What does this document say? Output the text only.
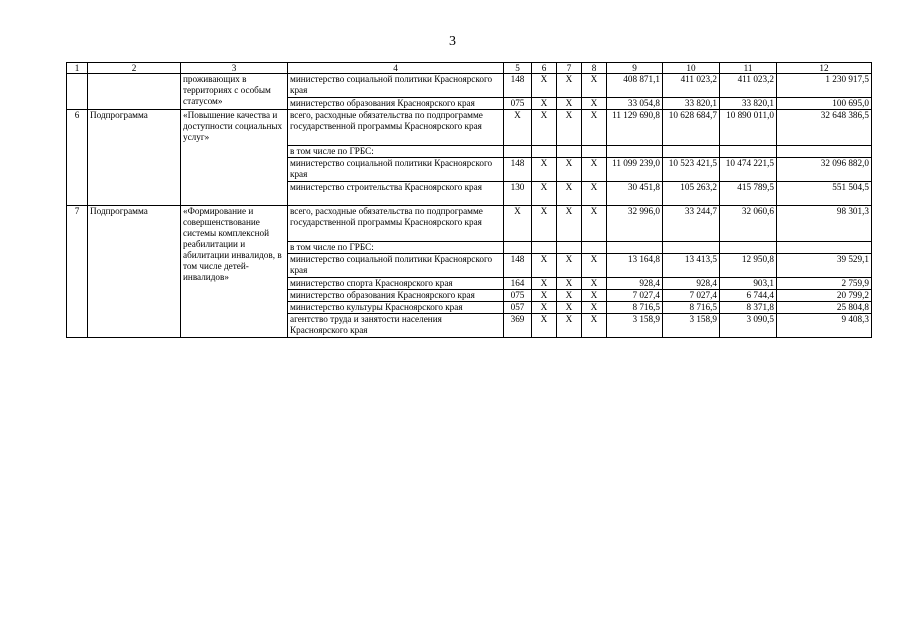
3
1	2	3	4	5	6	7	8	9	10	11	12
		проживающих в территориях с особым статусом»	министерство социальной политики Красноярского края	148	Х	Х	Х	408 871,1	411 023,2	411 023,2	1 230 917,5
			министерство образования Красноярского края	075	Х	Х	Х	33 054,8	33 820,1	33 820,1	100 695,0
6	Подпрограмма	«Повышение качества и доступности социальных услуг»	всего, расходные обязательства по подпрограмме государственной программы Красноярского края	Х	Х	Х	Х	11 129 690,8	10 628 684,7	10 890 011,0	32 648 386,5
			в том числе по ГРБС:								
			министерство социальной политики Красноярского края	148	Х	Х	Х	11 099 239,0	10 523 421,5	10 474 221,5	32 096 882,0
			министерство строительства Красноярского края	130	Х	Х	Х	30 451,8	105 263,2	415 789,5	551 504,5
7	Подпрограмма	«Формирование и совершенствование системы комплексной реабилитации и абилитации инвалидов, в том числе детей-инвалидов»	всего, расходные обязательства по подпрограмме государственной программы Красноярского края	Х	Х	Х	Х	32 996,0	33 244,7	32 060,6	98 301,3
			в том числе по ГРБС:								
			министерство социальной политики Красноярского края	148	Х	Х	Х	13 164,8	13 413,5	12 950,8	39 529,1
			министерство спорта Красноярского края	164	Х	Х	Х	928,4	928,4	903,1	2 759,9
			министерство образования Красноярского края	075	Х	Х	Х	7 027,4	7 027,4	6 744,4	20 799,2
			министерство культуры Красноярского края	057	Х	Х	Х	8 716,5	8 716,5	8 371,8	25 804,8
			агентство труда и занятости населения Красноярского края	369	Х	Х	Х	3 158,9	3 158,9	3 090,5	9 408,3
